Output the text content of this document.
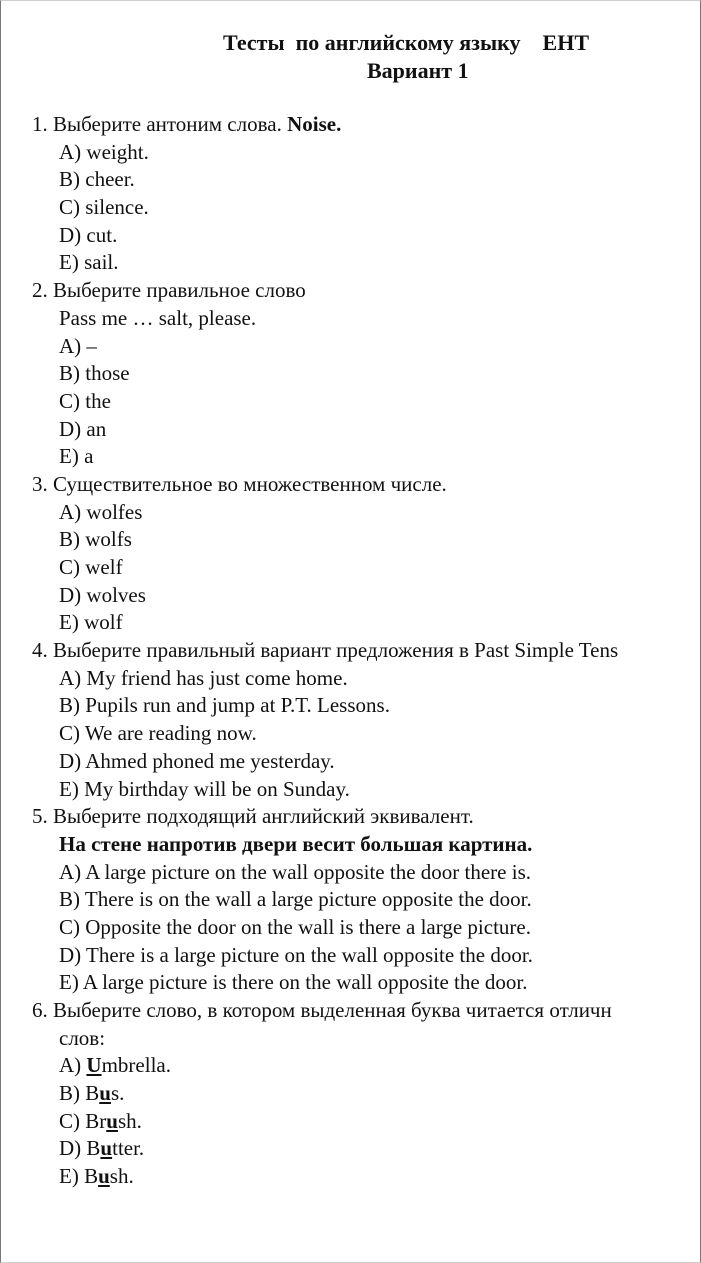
Тесты  по английскому языку    ЕНТ
Вариант 1
1. Выберите антоним слова. Noise.
A) weight.
B) cheer.
C) silence.
D) cut.
E) sail.
2. Выберите правильное слово
Pass me … salt, please.
A) –
B) those
C) the
D) an
E) a
3. Существительное во множественном числе.
A) wolfes
B) wolfs
C) welf
D) wolves
E) wolf
4. Выберите правильный вариант предложения в Past Simple Tens
A) My friend has just come home.
B) Pupils run and jump at P.T. Lessons.
C) We are reading now.
D) Ahmed phoned me yesterday.
E) My birthday will be on Sunday.
5. Выберите подходящий английский эквивалент.
На стене напротив двери весит большая картина.
A) A large picture on the wall opposite the door there is.
B) There is on the wall a large picture opposite the door.
C) Opposite the door on the wall is there a large picture.
D) There is a large picture on the wall opposite the door.
E) A large picture is there on the wall opposite the door.
6. Выберите слово, в котором выделенная буква читается отличн
слов:
A) Umbrella.
B) Bus.
C) Brush.
D) Butter.
E) Bush.
